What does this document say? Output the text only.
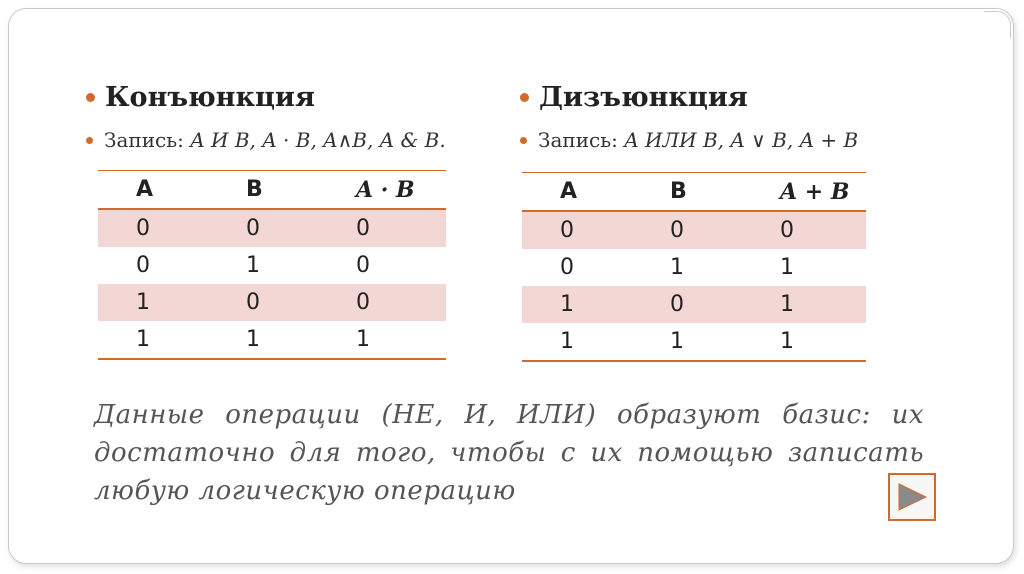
Конъюнкция
Запись: A И B, A · B, A∧B, A & B.
A	B	A · B
0	0	0
0	1	0
1	0	0
1	1	1
Дизъюнкция
Запись: A ИЛИ B, A ∨ B, A + B
A	B	A + B
0	0	0
0	1	1
1	0	1
1	1	1
Данные операции (НЕ, И, ИЛИ) образуют базис: их достаточно для того, чтобы с их помощью записать любую логическую операцию
